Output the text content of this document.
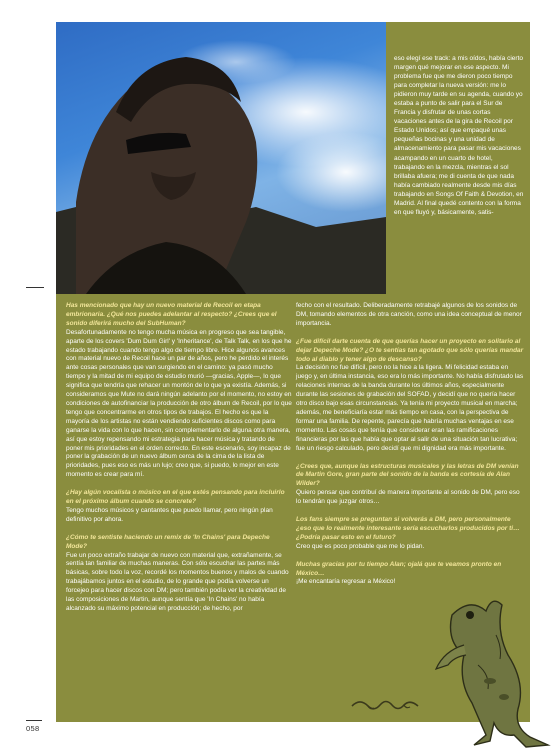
eso elegí ese track: a mis oídos, había cierto margen qué mejorar en ese aspecto. Mi problema fue que me dieron poco tiempo para completar la nueva versión: me lo pidieron muy tarde en su agenda, cuando yo estaba a punto de salir para el Sur de Francia y disfrutar de unas cortas vacaciones antes de la gira de Recoil por Estado Unidos; así que empaqué unas pequeñas bocinas y una unidad de almacenamiento para pasar mis vacaciones acampando en un cuarto de hotel, trabajando en la mezcla, mientras el sol brillaba afuera; me di cuenta de que nada había cambiado realmente desde mis días trabajando en Songs Of Faith & Devotion, en Madrid. Al final quedé contento con la forma en que fluyó y, básicamente, satis-
Has mencionado que hay un nuevo material de Recoil en etapa embrionaria. ¿Qué nos puedes adelantar al respecto? ¿Crees que el sonido diferirá mucho del SubHuman?
Desafortunadamente no tengo mucha música en progreso que sea tangible, aparte de los covers 'Dum Dum Girl' y 'Inheritance', de Talk Talk, en los que he estado trabajando cuando tengo algo de tiempo libre. Hice algunos avances con material nuevo de Recoil hace un par de años, pero he perdido el interés ante cosas personales que van surgiendo en el camino: ya pasó mucho tiempo y la mitad de mi equipo de estudio murió —gracias, Apple—, lo que significa que tendría que rehacer un montón de lo que ya existía. Además, si consideramos que Mute no dará ningún adelanto por el momento, no estoy en condiciones de autofinanciar la producción de otro álbum de Recoil, por lo que tengo que concentrarme en otros tipos de trabajos. El hecho es que la mayoría de los artistas no están vendiendo suficientes discos como para ganarse la vida con lo que hacen, sin complementarlo de alguna otra manera, así que estoy repensando mi estrategia para hacer música y tratando de poner mis prioridades en el orden correcto. En este escenario, soy incapaz de poner la grabación de un nuevo álbum cerca de la cima de la lista de prioridades, pues eso es más un lujo; creo que, si puedo, lo mejor en este momento es crear para mí.
¿Hay algún vocalista o músico en el que estés pensando para incluirlo en el próximo álbum cuando se concrete?
Tengo muchos músicos y cantantes que puedo llamar, pero ningún plan definitivo por ahora.
¿Cómo te sentiste haciendo un remix de 'In Chains' para Depeche Mode?
Fue un poco extraño trabajar de nuevo con material que, extrañamente, se sentía tan familiar de muchas maneras. Con sólo escuchar las partes más básicas, sobre todo la voz, recordé los momentos buenos y malos de cuando trabajábamos juntos en el estudio, de lo grande que podía volverse un forcejeo para hacer discos con DM; pero también podía ver la creatividad de las composiciones de Martin, aunque sentía que 'In Chains' no había alcanzado su máximo potencial en producción; de hecho, por
fecho con el resultado. Deliberadamente retrabajé algunos de los sonidos de DM, tomando elementos de otra canción, como una idea conceptual de menor importancia.
¿Fue difícil darte cuenta de que querías hacer un proyecto en solitario al dejar Depeche Mode? ¿O te sentías tan agotado que sólo querías mandar todo al diablo y tener algo de descanso?
La decisión no fue difícil, pero no la hice a la ligera. Mi felicidad estaba en juego y, en última instancia, eso era lo más importante. No había disfrutado las relaciones internas de la banda durante los últimos años, especialmente durante las sesiones de grabación del SOFAD, y decidí que no quería hacer otro disco bajo esas circunstancias. Ya tenía mi proyecto musical en marcha; además, me beneficiaría estar más tiempo en casa, con la perspectiva de formar una familia. De repente, parecía que habría muchas ventajas en ese momento. Las cosas que tenía que considerar eran las ramificaciones financieras por las que había que optar al salir de una situación tan lucrativa; fue un riesgo calculado, pero decidí que mi dignidad era más importante.
¿Crees que, aunque las estructuras musicales y las letras de DM venían de Martin Gore, gran parte del sonido de la banda es cortesía de Alan Wilder?
Quiero pensar que contribuí de manera importante al sonido de DM, pero eso lo tendrán que juzgar otros…
Los fans siempre se preguntan si volverás a DM, pero personalmente ¿eso que lo realmente interesante sería escucharlos producidos por ti… ¿Podría pasar esto en el futuro?
Creo que es poco probable que me lo pidan.
Muchas gracias por tu tiempo Alan; ojalá que te veamos pronto en México…
¡Me encantaría regresar a México!
058
